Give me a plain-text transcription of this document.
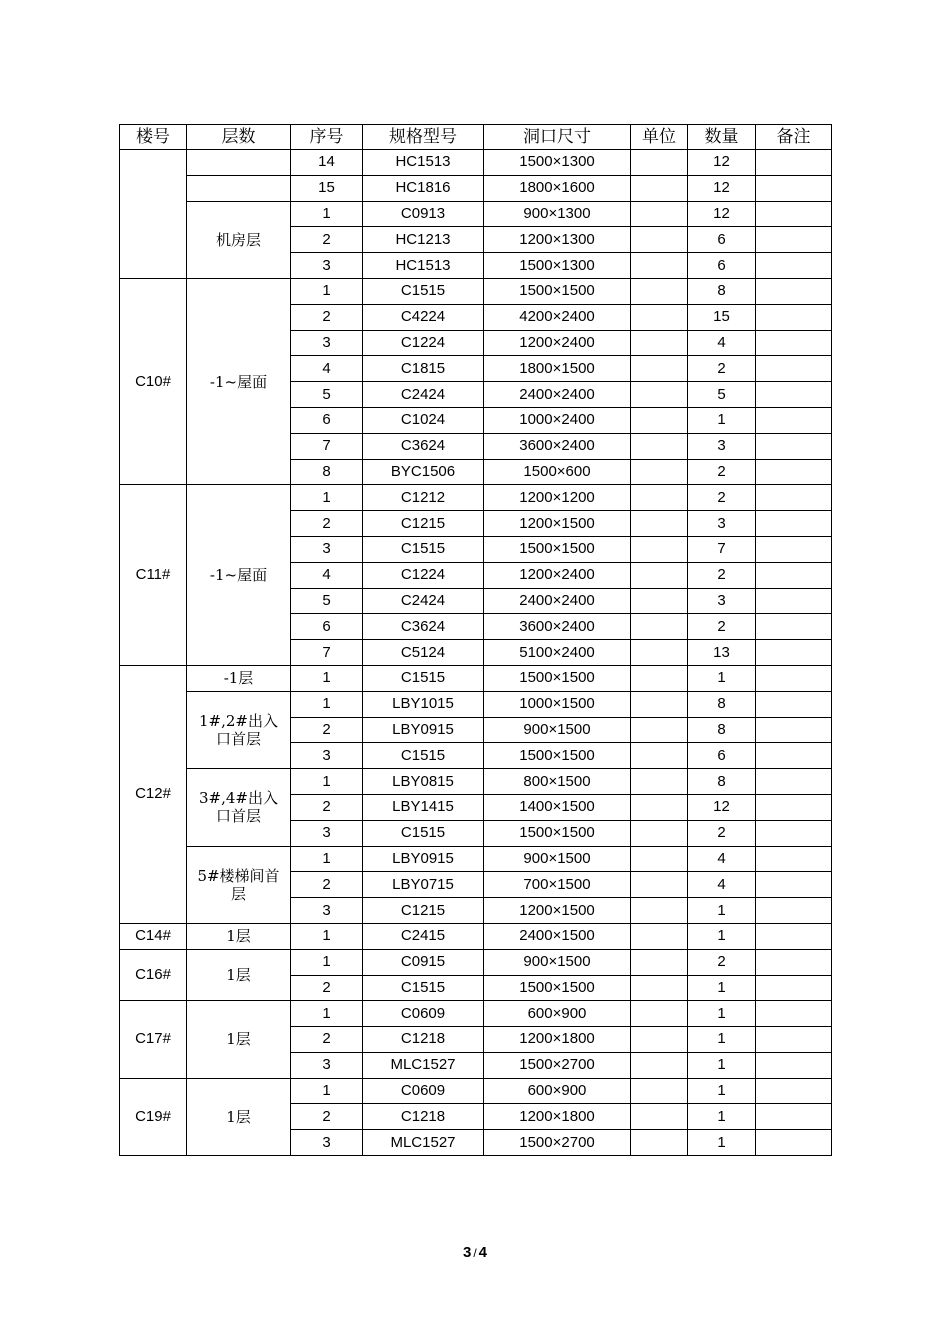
楼号	层数	序号	规格型号	洞口尺寸	单位	数量	备注
		14	HC1513	1500×1300		12	
		15	HC1816	1800×1600		12	
	机房层	1	C0913	900×1300		12	
		2	HC1213	1200×1300		6	
		3	HC1513	1500×1300		6	
C10#	-1~屋面	1	C1515	1500×1500		8	
		2	C4224	4200×2400		15	
		3	C1224	1200×2400		4	
		4	C1815	1800×1500		2	
		5	C2424	2400×2400		5	
		6	C1024	1000×2400		1	
		7	C3624	3600×2400		3	
		8	BYC1506	1500×600		2	
C11#	-1~屋面	1	C1212	1200×1200		2	
		2	C1215	1200×1500		3	
		3	C1515	1500×1500		7	
		4	C1224	1200×2400		2	
		5	C2424	2400×2400		3	
		6	C3624	3600×2400		2	
		7	C5124	5100×2400		13	
C12#	-1层	1	C1515	1500×1500		1	
	1#,2#出入口首层	1	LBY1015	1000×1500		8	
		2	LBY0915	900×1500		8	
		3	C1515	1500×1500		6	
	3#,4#出入口首层	1	LBY0815	800×1500		8	
		2	LBY1415	1400×1500		12	
		3	C1515	1500×1500		2	
	5#楼梯间首层	1	LBY0915	900×1500		4	
		2	LBY0715	700×1500		4	
		3	C1215	1200×1500		1	
C14#	1层	1	C2415	2400×1500		1	
C16#	1层	1	C0915	900×1500		2	
		2	C1515	1500×1500		1	
C17#	1层	1	C0609	600×900		1	
		2	C1218	1200×1800		1	
		3	MLC1527	1500×2700		1	
C19#	1层	1	C0609	600×900		1	
		2	C1218	1200×1800		1	
		3	MLC1527	1500×2700		1	
3 / 4
